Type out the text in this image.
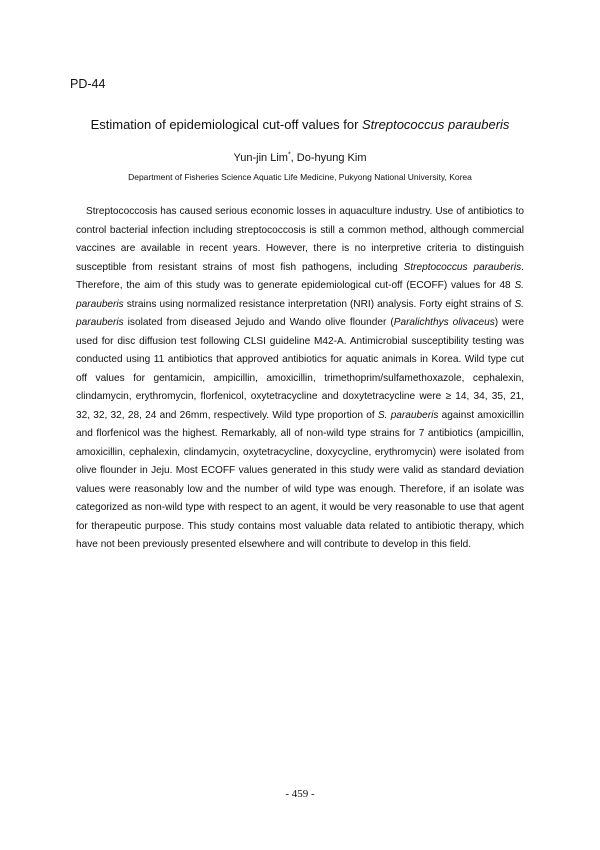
PD-44
Estimation of epidemiological cut-off values for Streptococcus parauberis
Yun-jin Lim*, Do-hyung Kim
Department of Fisheries Science Aquatic Life Medicine, Pukyong National University, Korea
Streptococcosis has caused serious economic losses in aquaculture industry. Use of antibiotics to control bacterial infection including streptococcosis is still a common method, although commercial vaccines are available in recent years. However, there is no interpretive criteria to distinguish susceptible from resistant strains of most fish pathogens, including Streptococcus parauberis. Therefore, the aim of this study was to generate epidemiological cut-off (ECOFF) values for 48 S. parauberis strains using normalized resistance interpretation (NRI) analysis. Forty eight strains of S. parauberis isolated from diseased Jejudo and Wando olive flounder (Paralichthys olivaceus) were used for disc diffusion test following CLSI guideline M42-A. Antimicrobial susceptibility testing was conducted using 11 antibiotics that approved antibiotics for aquatic animals in Korea. Wild type cut off values for gentamicin, ampicillin, amoxicillin, trimethoprim/sulfamethoxazole, cephalexin, clindamycin, erythromycin, florfenicol, oxytetracycline and doxytetracycline were ≥ 14, 34, 35, 21, 32, 32, 32, 28, 24 and 26mm, respectively. Wild type proportion of S. parauberis against amoxicillin and florfenicol was the highest. Remarkably, all of non-wild type strains for 7 antibiotics (ampicillin, amoxicillin, cephalexin, clindamycin, oxytetracycline, doxycycline, erythromycin) were isolated from olive flounder in Jeju. Most ECOFF values generated in this study were valid as standard deviation values were reasonably low and the number of wild type was enough. Therefore, if an isolate was categorized as non-wild type with respect to an agent, it would be very reasonable to use that agent for therapeutic purpose. This study contains most valuable data related to antibiotic therapy, which have not been previously presented elsewhere and will contribute to develop in this field.
- 459 -
